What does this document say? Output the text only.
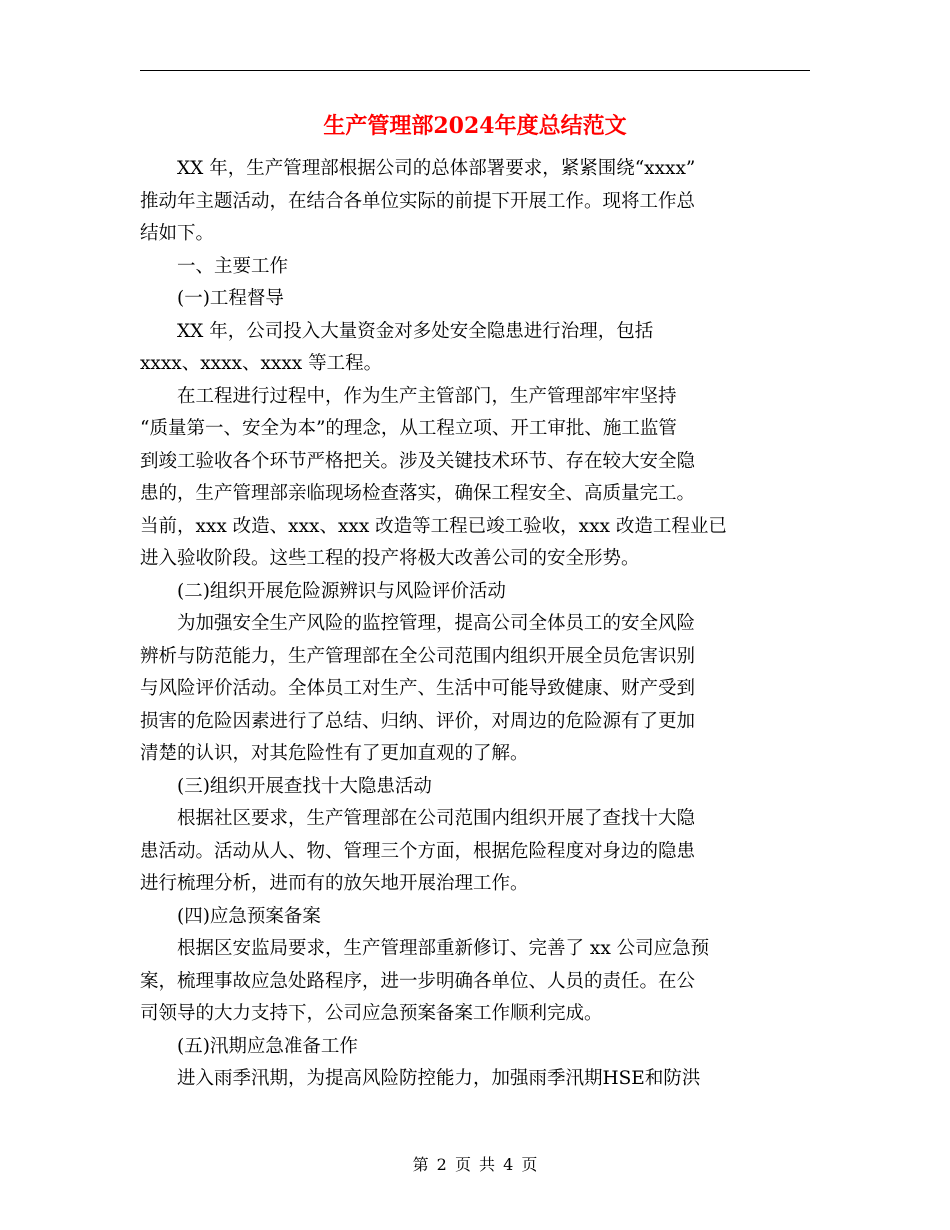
生产管理部2024年度总结范文
XX 年，生产管理部根据公司的总体部署要求，紧紧围绕“xxxx”
推动年主题活动，在结合各单位实际的前提下开展工作。现将工作总
结如下。
一、主要工作
(一)工程督导
XX 年，公司投入大量资金对多处安全隐患进行治理，包括
xxxx、xxxx、xxxx 等工程。
在工程进行过程中，作为生产主管部门，生产管理部牢牢坚持
“质量第一、安全为本”的理念，从工程立项、开工审批、施工监管
到竣工验收各个环节严格把关。涉及关键技术环节、存在较大安全隐
患的，生产管理部亲临现场检查落实，确保工程安全、高质量完工。
当前，xxx 改造、xxx、xxx 改造等工程已竣工验收，xxx 改造工程业已
进入验收阶段。这些工程的投产将极大改善公司的安全形势。
(二)组织开展危险源辨识与风险评价活动
为加强安全生产风险的监控管理，提高公司全体员工的安全风险
辨析与防范能力，生产管理部在全公司范围内组织开展全员危害识别
与风险评价活动。全体员工对生产、生活中可能导致健康、财产受到
损害的危险因素进行了总结、归纳、评价，对周边的危险源有了更加
清楚的认识，对其危险性有了更加直观的了解。
(三)组织开展查找十大隐患活动
根据社区要求，生产管理部在公司范围内组织开展了查找十大隐
患活动。活动从人、物、管理三个方面，根据危险程度对身边的隐患
进行梳理分析，进而有的放矢地开展治理工作。
(四)应急预案备案
根据区安监局要求，生产管理部重新修订、完善了 xx 公司应急预
案，梳理事故应急处路程序，进一步明确各单位、人员的责任。在公
司领导的大力支持下，公司应急预案备案工作顺利完成。
(五)汛期应急准备工作
进入雨季汛期，为提高风险防控能力，加强雨季汛期HSE和防洪
第 2 页 共 4 页
